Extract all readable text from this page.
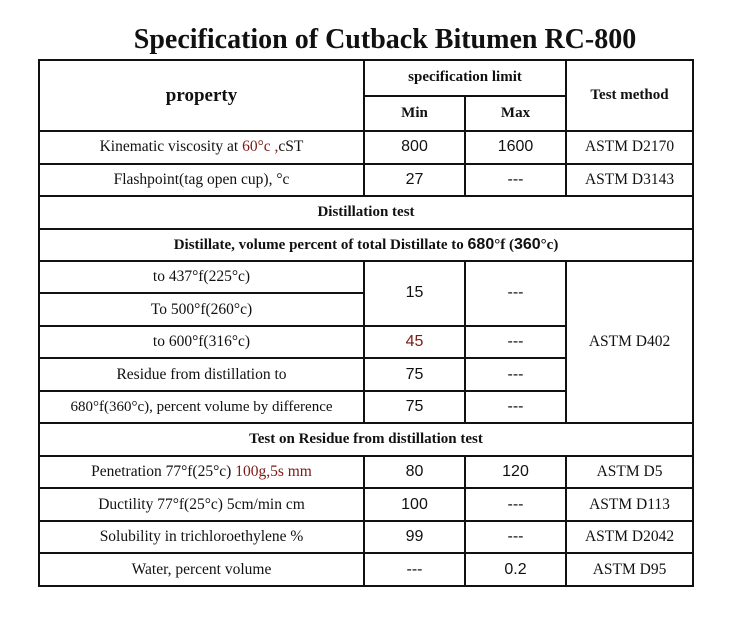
Specification of Cutback Bitumen RC-800
property	specification limit		Test method
	Min	Max	
Kinematic viscosity at 60°c ,cST	800	1600	ASTM D2170
Flashpoint(tag open cup), °c	27	---	ASTM D3143
Distillation test			
Distillate, volume percent of total Distillate to 680°f (360°c)			
to 437°f(225°c)	15	---	ASTM D402
To 500°f(260°c)			
to 600°f(316°c)	45	---	
Residue from distillation to	75	---	
680°f(360°c), percent volume by difference	75	---	
Test on Residue from distillation test			
Penetration 77°f(25°c) 100g,5s mm	80	120	ASTM D5
Ductility 77°f(25°c) 5cm/min cm	100	---	ASTM D113
Solubility in trichloroethylene %	99	---	ASTM D2042
Water, percent volume	---	0.2	ASTM D95
